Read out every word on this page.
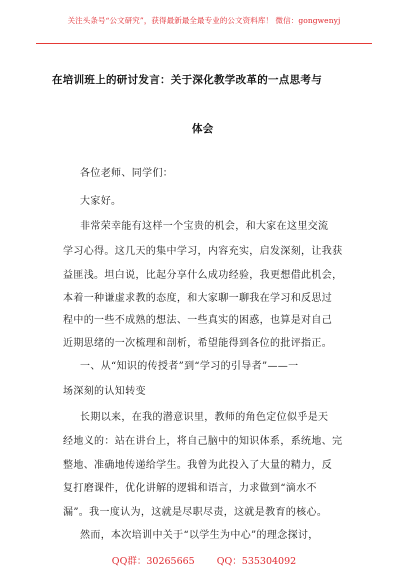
关注头条号“公文研究”，获得最新最全最专业的公文资料库！ 微信：gongwenyj
在培训班上的研讨发言：关于深化教学改革的一点思考与
体会
各位老师、同学们：
大家好。
非常荣幸能有这样一个宝贵的机会，和大家在这里交流
学习心得。这几天的集中学习，内容充实，启发深刻，让我获
益匪浅。坦白说，比起分享什么成功经验，我更想借此机会，
本着一种谦虚求教的态度，和大家聊一聊我在学习和反思过
程中的一些不成熟的想法、一些真实的困惑，也算是对自己
近期思绪的一次梳理和剖析，希望能得到各位的批评指正。
一、从“知识的传授者”到“学习的引导者”——一
场深刻的认知转变
长期以来，在我的潜意识里，教师的角色定位似乎是天
经地义的：站在讲台上，将自己脑中的知识体系，系统地、完
整地、准确地传递给学生。我曾为此投入了大量的精力，反
复打磨课件，优化讲解的逻辑和语言，力求做到“滴水不
漏”。我一度认为，这就是尽职尽责，这就是教育的核心。
然而，本次培训中关于“以学生为中心”的理念探讨，
QQ群：30265665 QQ：535304092
